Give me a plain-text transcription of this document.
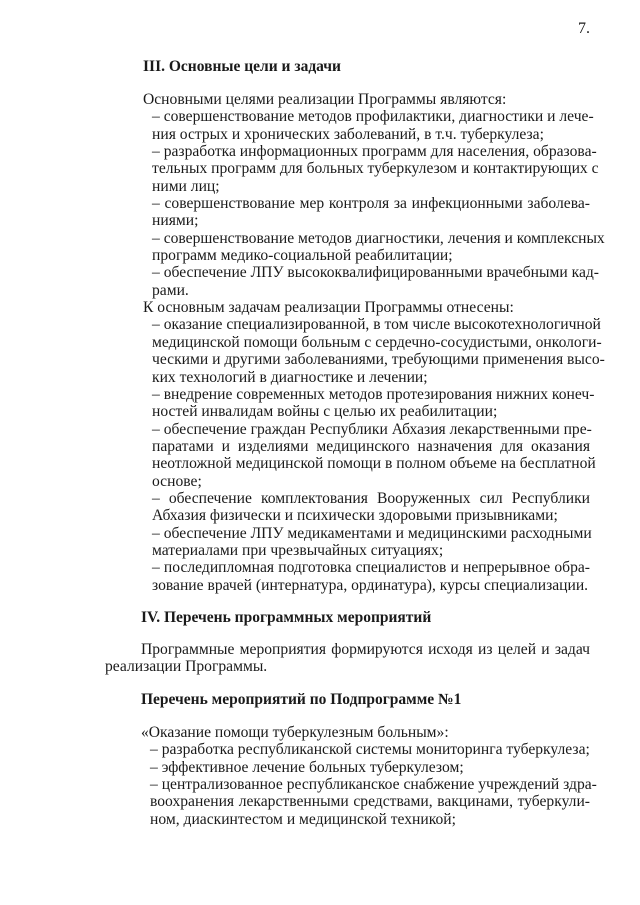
7.
III. Основные цели и задачи
Основными целями реализации Программы являются:
– совершенствование методов профилактики, диагностики и лече-
ния острых и хронических заболеваний, в т.ч. туберкулеза;
– разработка информационных программ для населения, образова-
тельных программ для больных туберкулезом и контактирующих с
ними лиц;
– совершенствование мер контроля за инфекционными заболева-
ниями;
– совершенствование методов диагностики, лечения и комплексных
программ медико-социальной реабилитации;
– обеспечение ЛПУ высококвалифицированными врачебными кад-
рами.
К основным задачам реализации Программы отнесены:
– оказание специализированной, в том числе высокотехнологичной
медицинской помощи больным с сердечно-сосудистыми, онкологи-
ческими и другими заболеваниями, требующими применения высо-
ких технологий в диагностике и лечении;
– внедрение современных методов протезирования нижних конеч-
ностей инвалидам войны с целью их реабилитации;
– обеспечение граждан Республики Абхазия лекарственными пре-
паратами и изделиями медицинского назначения для оказания
неотложной медицинской помощи в полном объеме на бесплатной
основе;
– обеспечение комплектования Вооруженных сил Республики
Абхазия физически и психически здоровыми призывниками;
– обеспечение ЛПУ медикаментами и медицинскими расходными
материалами при чрезвычайных ситуациях;
– последипломная подготовка специалистов и непрерывное обра-
зование врачей (интернатура, ординатура), курсы специализации.
IV. Перечень программных мероприятий
Программные мероприятия формируются исходя из целей и задач
реализации Программы.
Перечень мероприятий по Подпрограмме №1
«Оказание помощи туберкулезным больным»:
– разработка республиканской системы мониторинга туберкулеза;
– эффективное лечение больных туберкулезом;
– централизованное республиканское снабжение учреждений здра-
воохранения лекарственными средствами, вакцинами, туберкули-
ном, диаскинтестом и медицинской техникой;
